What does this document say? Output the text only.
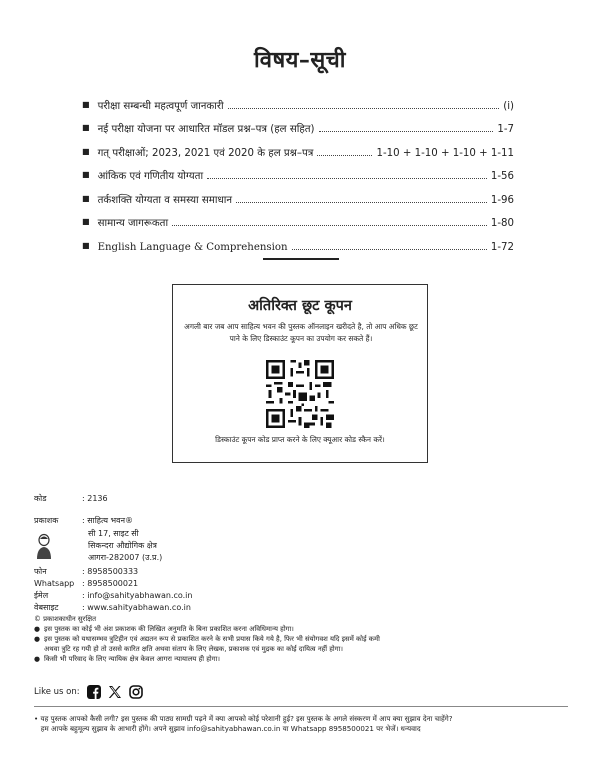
विषय–सूची
■ परीक्षा सम्बन्धी महत्वपूर्ण जानकारी	(i)
■ नई परीक्षा योजना पर आधारित मॉडल प्रश्न–पत्र (हल सहित)	1-7
■ गत् परीक्षाओं; 2023, 2021 एवं 2020 के हल प्रश्न–पत्र	1-10 + 1-10 + 1-10 + 1-11
■ आंकिक एवं गणितीय योग्यता	1-56
■ तर्कशक्ति योग्यता व समस्या समाधान	1-96
■ सामान्य जागरूकता	1-80
■ English Language & Comprehension	1-72
अतिरिक्त छूट कूपन
अगली बार जब आप साहित्य भवन की पुस्तक ऑनलाइन खरीदते है, तो आप अधिक छूट पाने के लिए डिस्काउंट कूपन का उपयोग कर सकते हैं।
डिस्काउंट कूपन कोड प्राप्त करने के लिए क्यूआर कोड स्कैन करें।
कोड	: 2136
प्रकाशक	: साहित्य भवन®
सी 17, साइट सी
सिकन्दरा औद्योगिक क्षेत्र
आगरा-282007 (उ.प्र.)
फोन	: 8958500333
Whatsapp : 8958500021
ईमेल	: info@sahityabhawan.co.in
वेबसाइट	: www.sahityabhawan.co.in

© प्रकाशकाधीन सुरक्षित

● इस पुस्तक का कोई भी अंश प्रकाशक की लिखित अनुमति के बिना प्रकाशित करना अविधिमान्य होगा।

● इस पुस्तक को यथासम्भव त्रुटिहीन एवं अद्यतन रूप से प्रकाशित करने के सभी प्रयास किये गये है, फिर भी संयोगवश यदि इसमें कोई कमी

अथवा त्रुटि रह गयी हो तो उससे कारित क्षति अथवा संताप के लिए लेखक, प्रकाशक एवं मुद्रक का कोई दायित्व नहीं होगा।

● किसी भी परिवाद के लिए न्यायिक क्षेत्र केवल आगरा न्यायालय ही होगा।

Like us on:

• यह पुस्तक आपको कैसी लगी? इस पुस्तक की पाठ्य सामग्री पढ़ने में क्या आपको कोई परेशानी हुई? इस पुस्तक के अगले संस्करण में आप क्या सुझाव देना चाहेंगे?

हम आपके बहुमूल्य सुझाव के आभारी होंगे। अपने सुझाव info@sahityabhawan.co.in या Whatsapp 8958500021 पर भेजें। धन्यवाद
